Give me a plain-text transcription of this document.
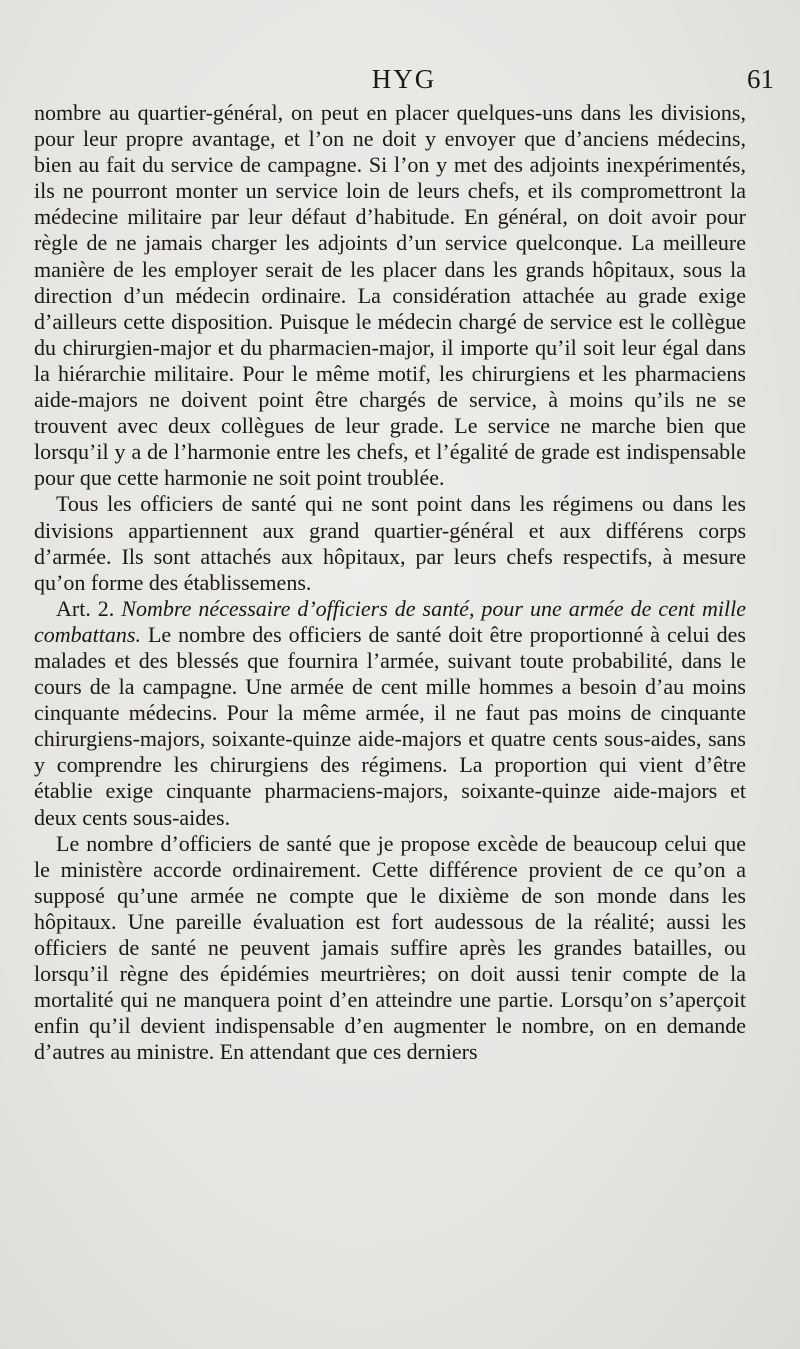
HYG	61

nombre au quartier-général, on peut en placer quelques-uns dans les divisions, pour leur propre avantage, et l’on ne doit y envoyer que d’anciens médecins, bien au fait du service de campagne. Si l’on y met des adjoints inexpérimentés, ils ne pourront monter un service loin de leurs chefs, et ils compromettront la médecine militaire par leur défaut d’habitude. En général, on doit avoir pour règle de ne jamais charger les adjoints d’un service quelconque. La meilleure manière de les employer serait de les placer dans les grands hôpitaux, sous la direction d’un médecin ordinaire. La considération attachée au grade exige d’ailleurs cette disposition. Puisque le médecin chargé de service est le collègue du chirurgien-major et du pharmacien-major, il importe qu’il soit leur égal dans la hiérarchie militaire. Pour le même motif, les chirurgiens et les pharmaciens aide-majors ne doivent point être chargés de service, à moins qu’ils ne se trouvent avec deux collègues de leur grade. Le service ne marche bien que lorsqu’il y a de l’harmonie entre les chefs, et l’égalité de grade est indispensable pour que cette harmonie ne soit point troublée.

Tous les officiers de santé qui ne sont point dans les régimens ou dans les divisions appartiennent aux grand quartier-général et aux différens corps d’armée. Ils sont attachés aux hôpitaux, par leurs chefs respectifs, à mesure qu’on forme des établissemens.

Art. 2. Nombre nécessaire d’officiers de santé, pour une armée de cent mille combattans. Le nombre des officiers de santé doit être proportionné à celui des malades et des blessés que fournira l’armée, suivant toute probabilité, dans le cours de la campagne. Une armée de cent mille hommes a besoin d’au moins cinquante médecins. Pour la même armée, il ne faut pas moins de cinquante chirurgiens-majors, soixante-quinze aide-majors et quatre cents sous-aides, sans y comprendre les chirurgiens des régimens. La proportion qui vient d’être établie exige cinquante pharmaciens-majors, soixante-quinze aide-majors et deux cents sous-aides.

Le nombre d’officiers de santé que je propose excède de beaucoup celui que le ministère accorde ordinairement. Cette différence provient de ce qu’on a supposé qu’une armée ne compte que le dixième de son monde dans les hôpitaux. Une pareille évaluation est fort audessous de la réalité; aussi les officiers de santé ne peuvent jamais suffire après les grandes batailles, ou lorsqu’il règne des épidémies meurtrières; on doit aussi tenir compte de la mortalité qui ne manquera point d’en atteindre une partie. Lorsqu’on s’aperçoit enfin qu’il devient indispensable d’en augmenter le nombre, on en demande d’autres au ministre. En attendant que ces derniers
